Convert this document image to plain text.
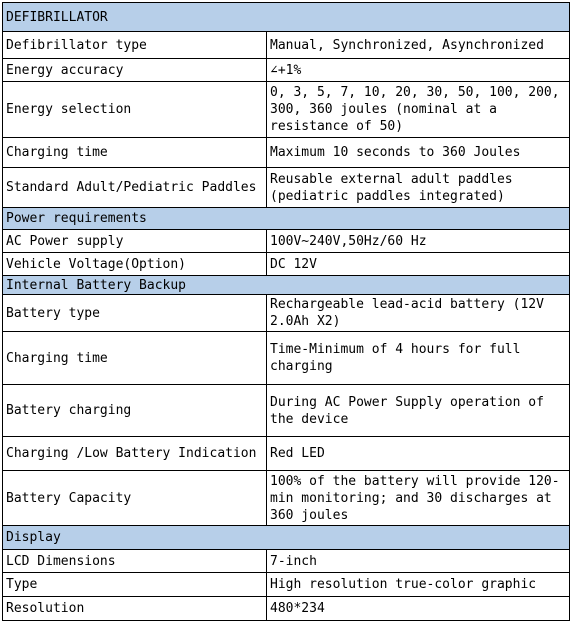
DEFIBRILLATOR	
Defibrillator type	Manual, Synchronized, Asynchronized
Energy accuracy	∠+1%
Energy selection	0, 3, 5, 7, 10, 20, 30, 50, 100, 200, 300, 360 joules (nominal at a resistance of 50)
Charging time	Maximum 10 seconds to 360 Joules
Standard Adult/Pediatric Paddles	Reusable external adult paddles (pediatric paddles integrated)
Power requirements	
AC Power supply	100V~240V,50Hz/60 Hz
Vehicle Voltage(Option)	DC 12V
Internal Battery Backup	
Battery type	Rechargeable lead-acid battery (12V 2.0Ah X2)
Charging time	Time-Minimum of 4 hours for full charging
Battery charging	During AC Power Supply operation of the device
Charging /Low Battery Indication	Red LED
Battery Capacity	100% of the battery will provide 120-min monitoring; and 30 discharges at 360 joules
Display	
LCD Dimensions	7-inch
Type	High resolution true-color graphic
Resolution	480*234
